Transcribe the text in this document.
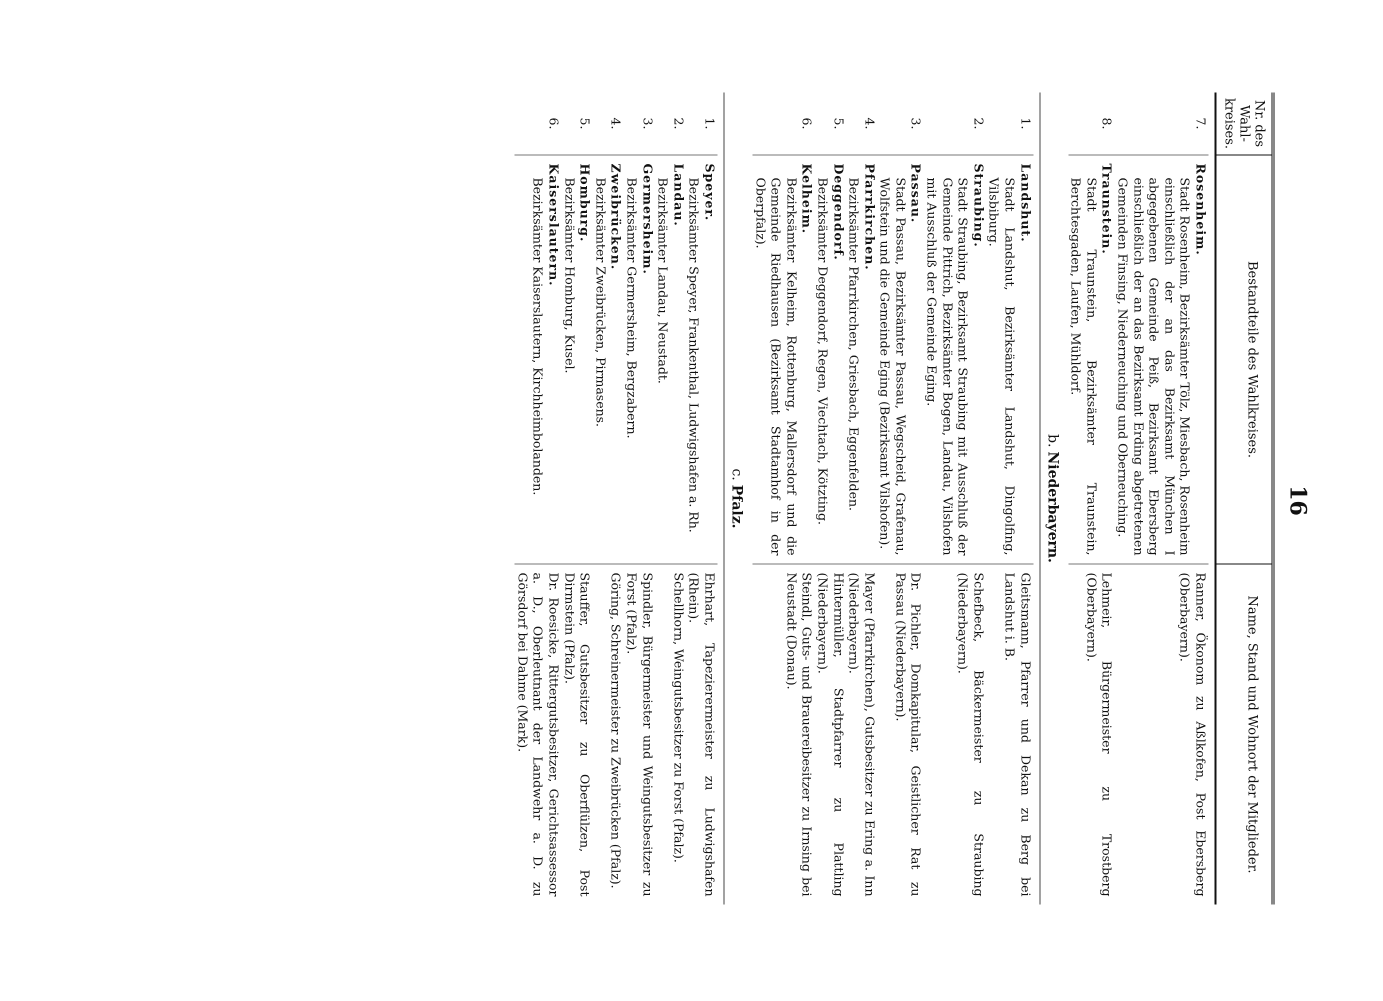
16
Nr. des Wahl-kreises.
Bestandteile des Wahlkreises.
Name, Stand und Wohnort der Mitglieder.
7.
Rosenheim.
Stadt Rosenheim, Bezirksämter Tölz, Miesbach, Rosenheim einschließlich der an das Bezirksamt München I abgegebenen Gemeinde Peiß, Bezirksamt Ebersberg einschließlich der an das Bezirksamt Erding abgetretenen Gemeinden Finsing, Niederneuching und Oberneuching.
Ranner, Ökonom zu Aßlkofen, Post Ebersberg (Oberbayern).
8.
Traunstein.
Stadt Traunstein, Bezirksämter Traunstein, Berchtesgaden, Laufen, Mühldorf.
Lehmeir, Bürgermeister zu Trostberg (Oberbayern).
b.Niederbayern.
1.
Landshut.
Stadt Landshut, Bezirksämter Landshut, Dingolfing, Vilsbiburg.
Gleitsmann, Pfarrer und Dekan zu Berg bei Landshut i. B.
2.
Straubing.
Stadt Straubing, Bezirksamt Straubing mit Ausschluß der Gemeinde Pittrich, Bezirksämter Bogen, Landau, Vilshofen mit Ausschluß der Gemeinde Eging.
Schefbeck, Bäckermeister zu Straubing (Niederbayern).
3.
Passau.
Stadt Passau, Bezirksämter Passau, Wegscheid, Grafenau, Wolfstein und die Gemeinde Eging (Bezirksamt Vilshofen).
Dr. Pichler, Domkapitular, Geistlicher Rat zu Passau (Niederbayern).
4.
Pfarrkirchen.
Bezirksämter Pfarrkirchen, Griesbach, Eggenfelden.
Mayer (Pfarrkirchen), Gutsbesitzer zu Ering a. Inn (Niederbayern).
5.
Deggendorf.
Bezirksämter Deggendorf, Regen, Viechtach, Kötzting.
Hintermüller, Stadtpfarrer zu Plattling (Niederbayern).
6.
Kelheim.
Bezirksämter Kelheim, Rottenburg, Mallersdorf und die Gemeinde Riedhausen (Bezirksamt Stadtamhof in der Oberpfalz).
Steindl, Guts- und Brauereibesitzer zu Irnsing bei Neustadt (Donau).
c.Pfalz.
1.
Speyer.
Bezirksämter Speyer, Frankenthal, Ludwigshafen a. Rh.
Ehrhart, Tapezierermeister zu Ludwigshafen (Rhein).
2.
Landau.
Bezirksämter Landau, Neustadt.
Schellhorn, Weingutsbesitzer zu Forst (Pfalz).
3.
Germersheim.
Bezirksämter Germersheim, Bergzabern.
Spindler, Bürgermeister und Weingutsbesitzer zu Forst (Pfalz).
4.
Zweibrücken.
Bezirksämter Zweibrücken, Pirmasens.
Göring, Schreinermeister zu Zweibrücken (Pfalz).
5.
Homburg.
Bezirksämter Homburg, Kusel.
Stauffer, Gutsbesitzer zu Oberflülzen, Post Dirmstein (Pfalz).
6.
Kaiserslautern.
Bezirksämter Kaiserslautern, Kirchheimbolanden.
Dr. Roesicke, Rittergutsbesitzer, Gerichtsassessor a. D., Oberleutnant der Landwehr a. D. zu Görsdorf bei Dahme (Mark).
